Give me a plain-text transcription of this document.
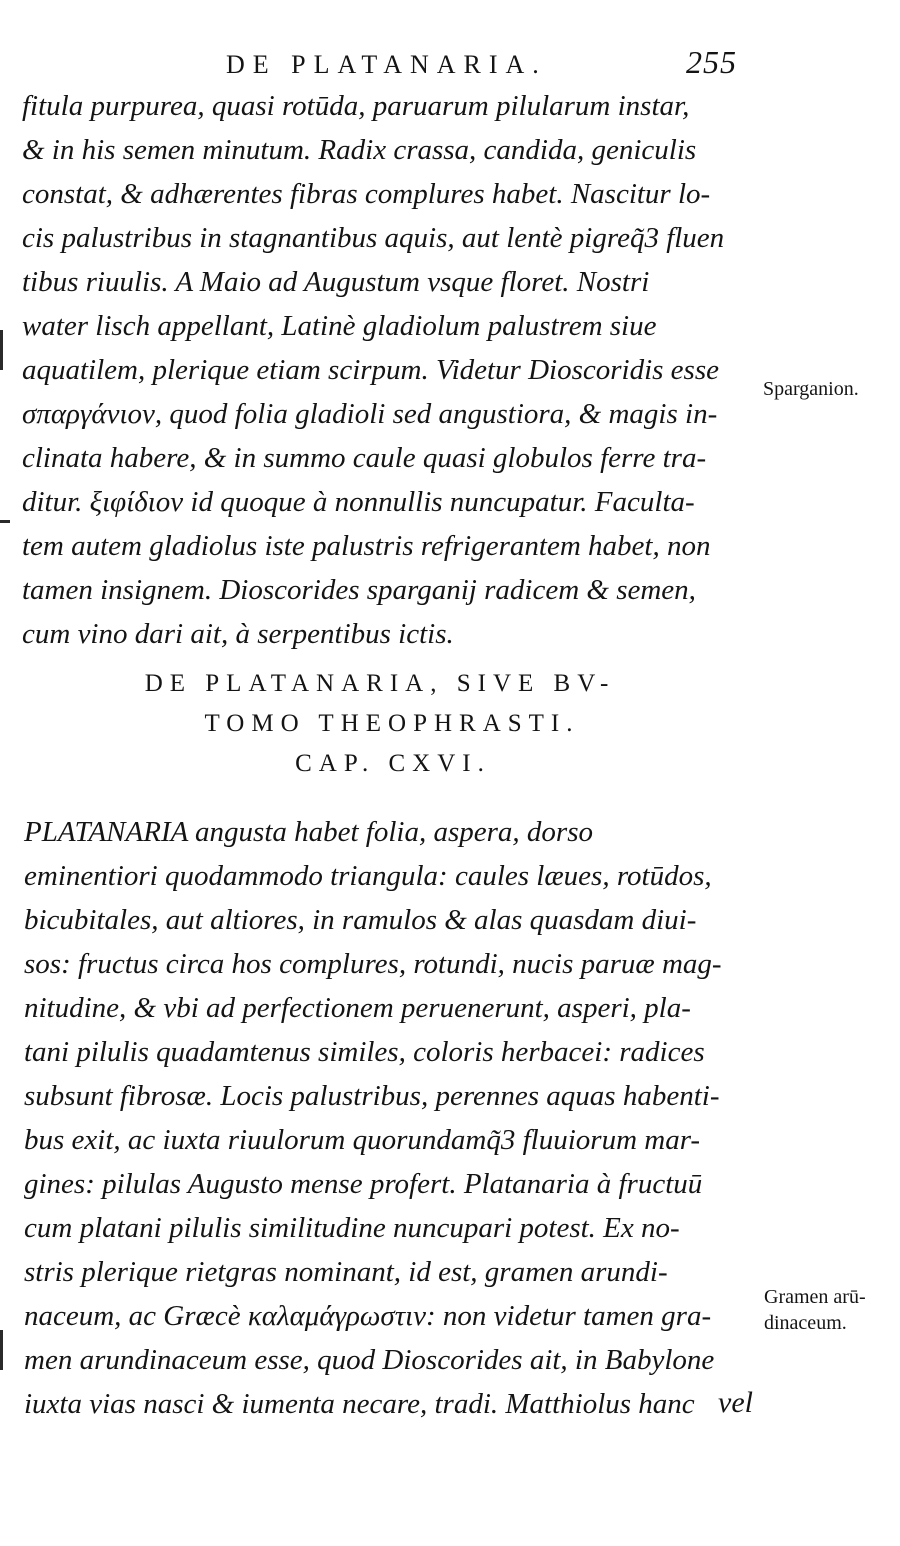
DE PLATANARIA.	255
fitula purpurea, quasi rotūda, paruarum pilularum instar,
& in his semen minutum. Radix crassa, candida, geniculis
constat, & adhærentes fibras complures habet. Nascitur lo-
cis palustribus in stagnantibus aquis, aut lentè pigreq̃3 fluen
tibus riuulis. A Maio ad Augustum vsque floret. Nostri
water lisch appellant, Latinè gladiolum palustrem siue
aquatilem, plerique etiam scirpum. Videtur Dioscoridis esse
σπαργάνιον, quod folia gladioli sed angustiora, & magis in-
clinata habere, & in summo caule quasi globulos ferre tra-
ditur. ξιφίδιον id quoque à nonnullis nuncupatur. Faculta-
tem autem gladiolus iste palustris refrigerantem habet, non
tamen insignem. Dioscorides sparganij radicem & semen,
cum vino dari ait, à serpentibus ictis.
Sparganion.
DE PLATANARIA, SIVE BV-
TOMO THEOPHRASTI.
CAP. CXVI.
PLATANARIA angusta habet folia, aspera, dorso
eminentiori quodammodo triangula: caules læues, rotūdos,
bicubitales, aut altiores, in ramulos & alas quasdam diui-
sos: fructus circa hos complures, rotundi, nucis paruæ mag-
nitudine, & vbi ad perfectionem peruenerunt, asperi, pla-
tani pilulis quadamtenus similes, coloris herbacei: radices
subsunt fibrosæ. Locis palustribus, perennes aquas habenti-
bus exit, ac iuxta riuulorum quorundamq̃3 fluuiorum mar-
gines: pilulas Augusto mense profert. Platanaria à fructuū
cum platani pilulis similitudine nuncupari potest. Ex no-
stris plerique rietgras nominant, id est, gramen arundi-
naceum, ac Græcè καλαμάγρωστιν: non videtur tamen gra-
men arundinaceum esse, quod Dioscorides ait, in Babylone
iuxta vias nasci & iumenta necare, tradi. Matthiolus hanc
Gramen arū-
dinaceum.
vel
